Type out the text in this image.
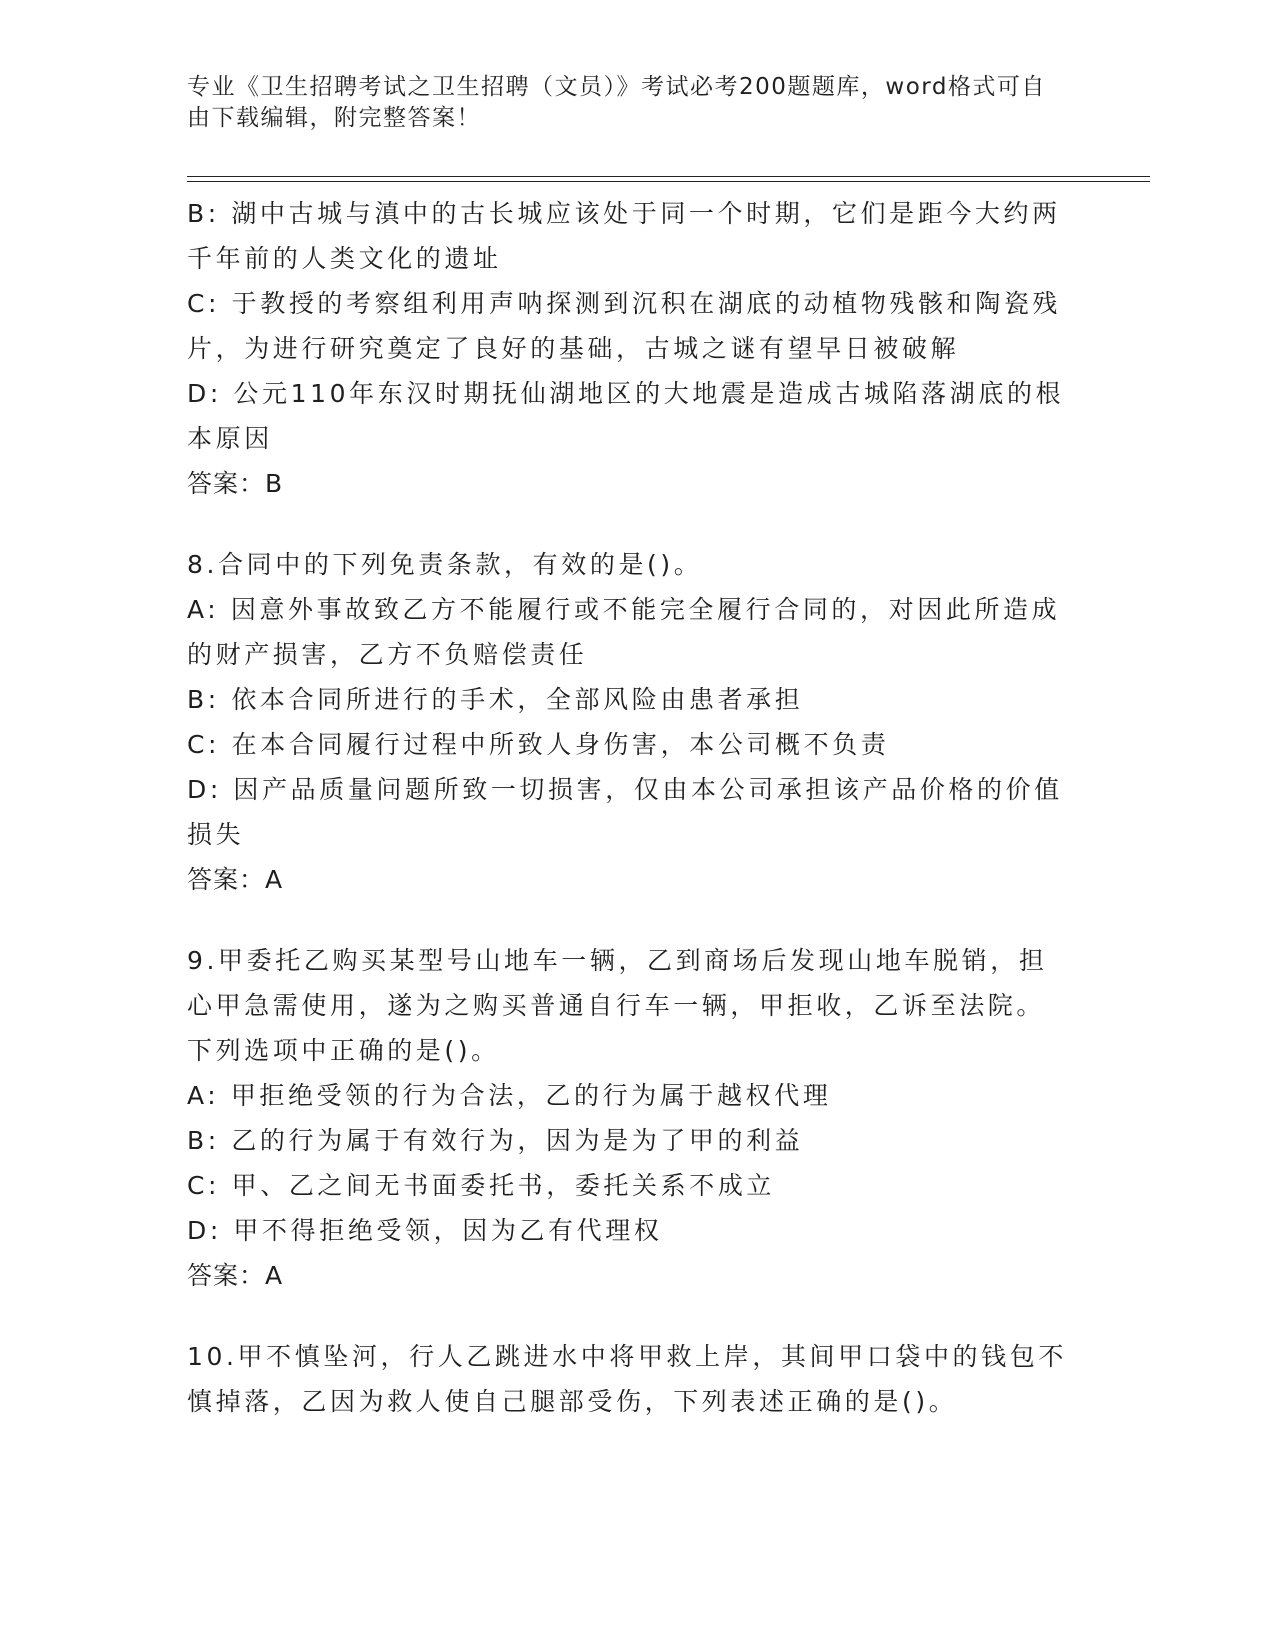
专业《卫生招聘考试之卫生招聘（文员）》考试必考200题题库，word格式可自
由下载编辑，附完整答案！
B: 湖中古城与滇中的古长城应该处于同一个时期，它们是距今大约两
千年前的人类文化的遗址
C: 于教授的考察组利用声呐探测到沉积在湖底的动植物残骸和陶瓷残
片，为进行研究奠定了良好的基础，古城之谜有望早日被破解
D: 公元110年东汉时期抚仙湖地区的大地震是造成古城陷落湖底的根
本原因
答案：B
8.合同中的下列免责条款，有效的是()。
A: 因意外事故致乙方不能履行或不能完全履行合同的，对因此所造成
的财产损害，乙方不负赔偿责任
B: 依本合同所进行的手术，全部风险由患者承担
C: 在本合同履行过程中所致人身伤害，本公司概不负责
D: 因产品质量问题所致一切损害，仅由本公司承担该产品价格的价值
损失
答案：A
9.甲委托乙购买某型号山地车一辆，乙到商场后发现山地车脱销，担
心甲急需使用，遂为之购买普通自行车一辆，甲拒收，乙诉至法院。
下列选项中正确的是()。
A: 甲拒绝受领的行为合法，乙的行为属于越权代理
B: 乙的行为属于有效行为，因为是为了甲的利益
C: 甲、乙之间无书面委托书，委托关系不成立
D: 甲不得拒绝受领，因为乙有代理权
答案：A
10.甲不慎坠河，行人乙跳进水中将甲救上岸，其间甲口袋中的钱包不
慎掉落，乙因为救人使自己腿部受伤，下列表述正确的是()。
